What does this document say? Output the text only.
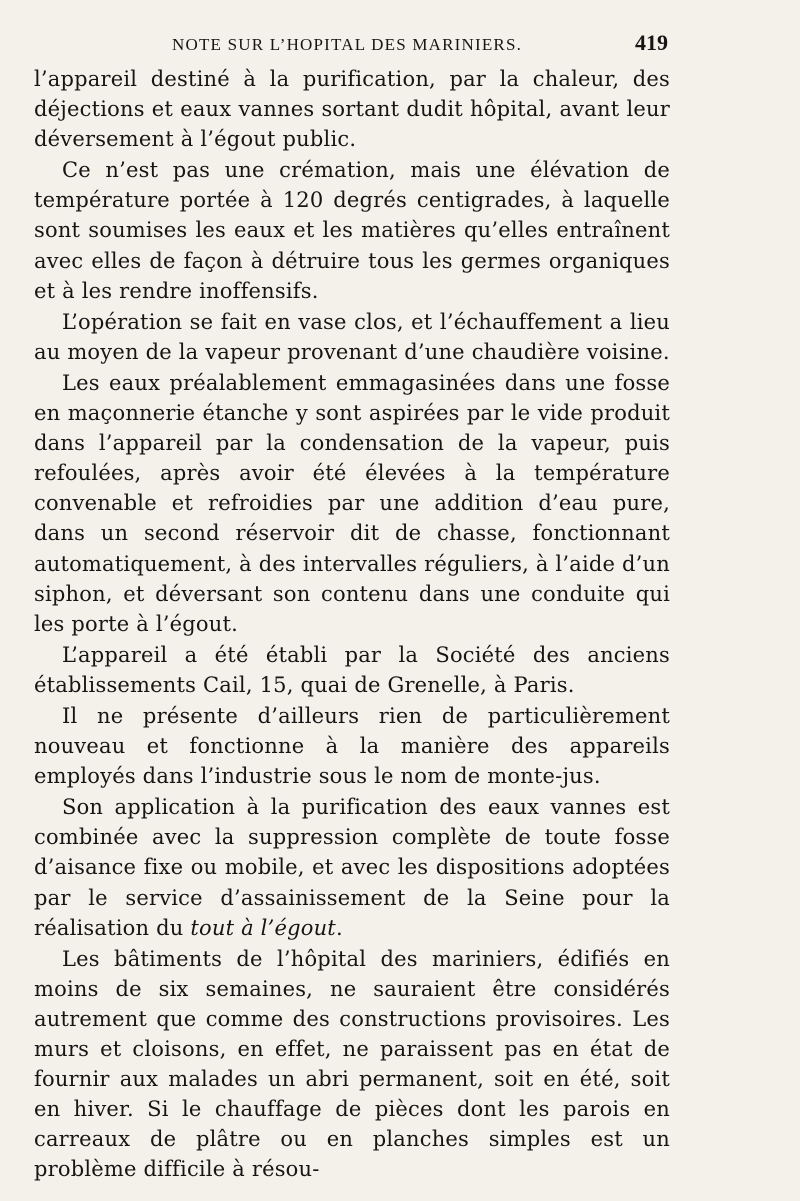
NOTE SUR L’HOPITAL DES MARINIERS.	419

l’appareil destiné à la purification, par la chaleur, des déjections et eaux vannes sortant dudit hôpital, avant leur déversement à l’égout public.

Ce n’est pas une crémation, mais une élévation de température portée à 120 degrés centigrades, à laquelle sont soumises les eaux et les matières qu’elles entraînent avec elles de façon à détruire tous les germes organiques et à les rendre inoffensifs.

L’opération se fait en vase clos, et l’échauffement a lieu au moyen de la vapeur provenant d’une chaudière voisine.

Les eaux préalablement emmagasinées dans une fosse en maçonnerie étanche y sont aspirées par le vide produit dans l’appareil par la condensation de la vapeur, puis refoulées, après avoir été élevées à la température convenable et refroidies par une addition d’eau pure, dans un second réservoir dit de chasse, fonctionnant automatiquement, à des intervalles réguliers, à l’aide d’un siphon, et déversant son contenu dans une conduite qui les porte à l’égout.

L’appareil a été établi par la Société des anciens établissements Cail, 15, quai de Grenelle, à Paris.

Il ne présente d’ailleurs rien de particulièrement nouveau et fonctionne à la manière des appareils employés dans l’industrie sous le nom de monte-jus.

Son application à la purification des eaux vannes est combinée avec la suppression complète de toute fosse d’aisance fixe ou mobile, et avec les dispositions adoptées par le service d’assainissement de la Seine pour la réalisation du tout à l’égout.

Les bâtiments de l’hôpital des mariniers, édifiés en moins de six semaines, ne sauraient être considérés autrement que comme des constructions provisoires. Les murs et cloisons, en effet, ne paraissent pas en état de fournir aux malades un abri permanent, soit en été, soit en hiver. Si le chauffage de pièces dont les parois en carreaux de plâtre ou en planches simples est un problème difficile à résou-
